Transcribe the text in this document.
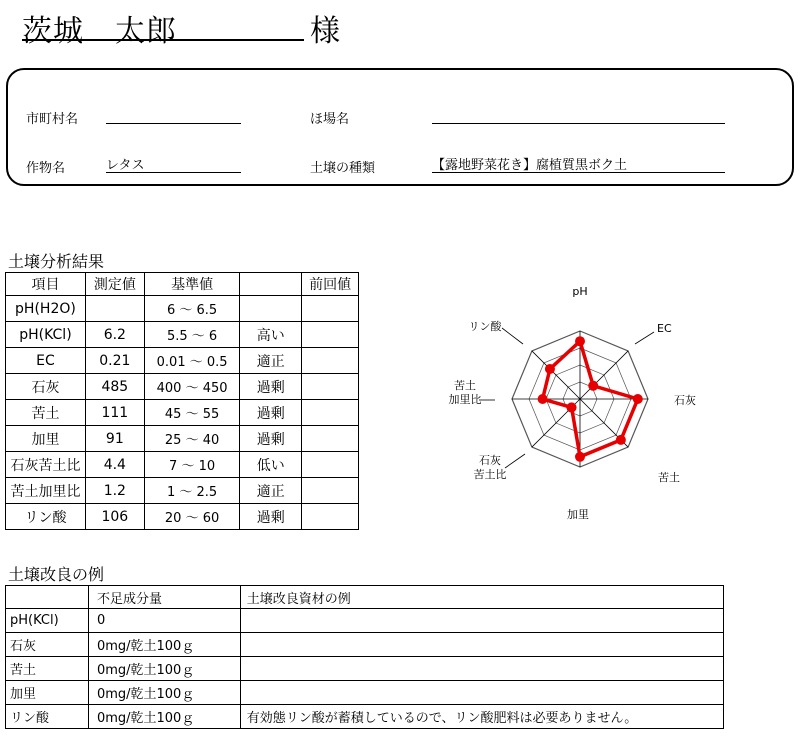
茨城　太郎	様
市町村名	ほ場名
作物名	レタス	土壌の種類	【露地野菜花き】腐植質黒ボク土
土壌分析結果
項目	測定値	基準値		前回値
pH(H2O)		6 ～ 6.5		
pH(KCl)	6.2	5.5 ～ 6	高い	
EC	0.21	0.01 ～ 0.5	適正	
石灰	485	400 ～ 450	過剰	
苦土	111	45 ～ 55	過剰	
加里	91	25 ～ 40	過剰	
石灰苦土比	4.4	7 ～ 10	低い	
苦土加里比	1.2	1 ～ 2.5	適正	
リン酸	106	20 ～ 60	過剰	
pH
EC
石灰
苦土
加里
石灰苦土比
苦土加里比
リン酸
土壌改良の例
	不足成分量	土壌改良資材の例
pH(KCl)	0	
石灰	0mg/乾土100ｇ	
苦土	0mg/乾土100ｇ	
加里	0mg/乾土100ｇ	
リン酸	0mg/乾土100ｇ	有効態リン酸が蓄積しているので、リン酸肥料は必要ありません。
